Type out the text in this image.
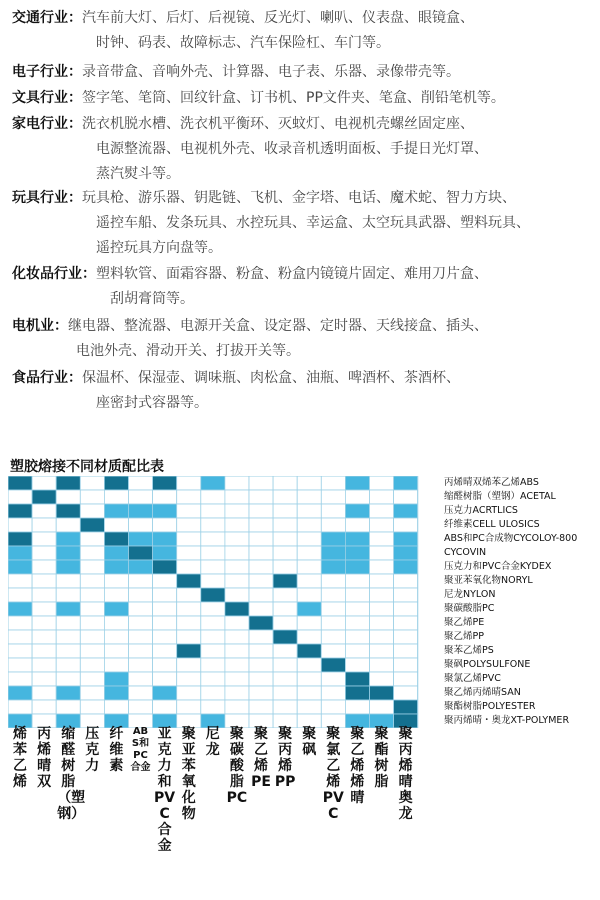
交通行业：汽车前大灯、后灯、后视镜、反光灯、喇叭、仪表盘、眼镜盒、
时钟、码表、故障标志、汽车保险杠、车门等。
电子行业：录音带盒、音响外壳、计算器、电子表、乐器、录像带壳等。
文具行业：签字笔、笔筒、回纹针盒、订书机、PP文件夹、笔盒、削铅笔机等。
家电行业：洗衣机脱水槽、洗衣机平衡环、灭蚊灯、电视机壳螺丝固定座、
电源整流器、电视机外壳、收录音机透明面板、手提日光灯罩、
蒸汽熨斗等。
玩具行业：玩具枪、游乐器、钥匙链、飞机、金字塔、电话、魔术蛇、智力方块、
遥控车船、发条玩具、水控玩具、幸运盒、太空玩具武器、塑料玩具、
遥控玩具方向盘等。
化妆品行业：塑料软管、面霜容器、粉盒、粉盒内镜镜片固定、难用刀片盒、
刮胡膏筒等。
电机业：继电器、整流器、电源开关盒、设定器、定时器、天线接盒、插头、
电池外壳、滑动开关、打拔开关等。
食品行业：保温杯、保湿壶、调味瓶、肉松盒、油瓶、啤酒杯、茶酒杯、
座密封式容器等。
塑胶熔接不同材质配比表
丙烯晴双烯苯乙烯ABS
缩醛树脂（塑钢）ACETAL
压克力ACRTLICS
纤维素CELL ULOSICS
ABS和PC合成物CYCOLOY-800
CYCOVIN
压克力和PVC合金KYDEX
聚亚苯氧化物NORYL
尼龙NYLON
聚碳酸脂PC
聚乙烯PE
聚乙烯PP
聚苯乙烯PS
聚砜POLYSULFONE
聚氯乙烯PVC
聚乙烯丙烯晴SAN
聚酯树脂POLYESTER
聚丙烯晴・奥龙XT-POLYMER
烯苯乙烯
丙烯晴双
缩醛树脂（塑钢）
压克力
纤维素
ABS和PC合金
亚克力和PVC合金
聚亚苯氧化物
尼龙
聚碳酸脂PC
聚乙烯PE
聚丙烯PP
聚砜
聚氯乙烯PVC
聚乙烯烯晴
聚酯树脂
聚丙烯晴奥龙
